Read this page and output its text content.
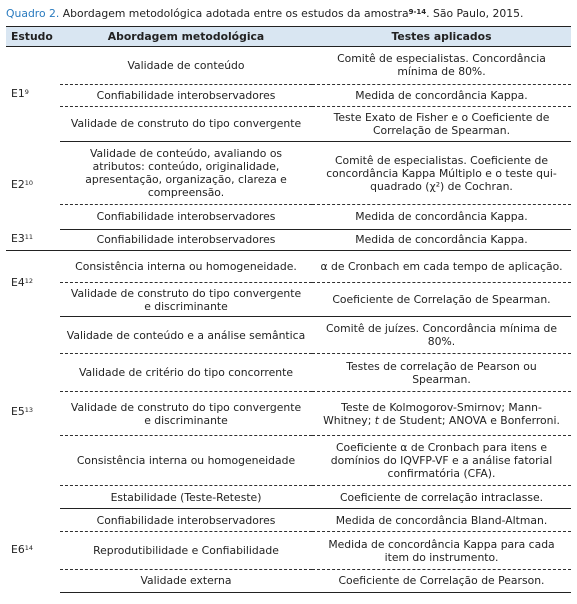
Quadro 2. Abordagem metodológica adotada entre os estudos da amostra$^{9-14}$. São Paulo, 2015.
Estudo	Abordagem metodológica	Testes aplicados
$E1^9$	Validade de conteúdo	Comitê de especialistas. Concordância mínima de 80%.
	Confiabilidade interobservadores	Medida de concordância Kappa.
	Validade de construto do tipo convergente	Teste Exato de Fisher e o Coeficiente de Correlação de Spearman.
$E2^{10}$	Validade de conteúdo, avaliando os atributos: conteúdo, originalidade, apresentação, organização, clareza e compreensão.	Comitê de especialistas. Coeficiente de concordância Kappa Múltiplo e o teste qui-quadrado (χ²) de Cochran.
	Confiabilidade interobservadores	Medida de concordância Kappa.
$E3^{11}$	Confiabilidade interobservadores	Medida de concordância Kappa.
$E4^{12}$	Consistência interna ou homogeneidade.	α de Cronbach em cada tempo de aplicação.
	Validade de construto do tipo convergente e discriminante	Coeficiente de Correlação de Spearman.
$E5^{13}$	Validade de conteúdo e a análise semântica	Comitê de juízes. Concordância mínima de 80%.
	Validade de critério do tipo concorrente	Testes de correlação de Pearson ou Spearman.
	Validade de construto do tipo convergente e discriminante	Teste de Kolmogorov-Smirnov; Mann-Whitney; t de Student; ANOVA e Bonferroni.
	Consistência interna ou homogeneidade	Coeficiente α de Cronbach para itens e domínios do IQVFP-VF e a análise fatorial confirmatória (CFA).
	Estabilidade (Teste-Reteste)	Coeficiente de correlação intraclasse.
$E6^{14}$	Confiabilidade interobservadores	Medida de concordância Bland-Altman.
	Reprodutibilidade e Confiabilidade	Medida de concordância Kappa para cada item do instrumento.
	Validade externa	Coeficiente de Correlação de Pearson.
